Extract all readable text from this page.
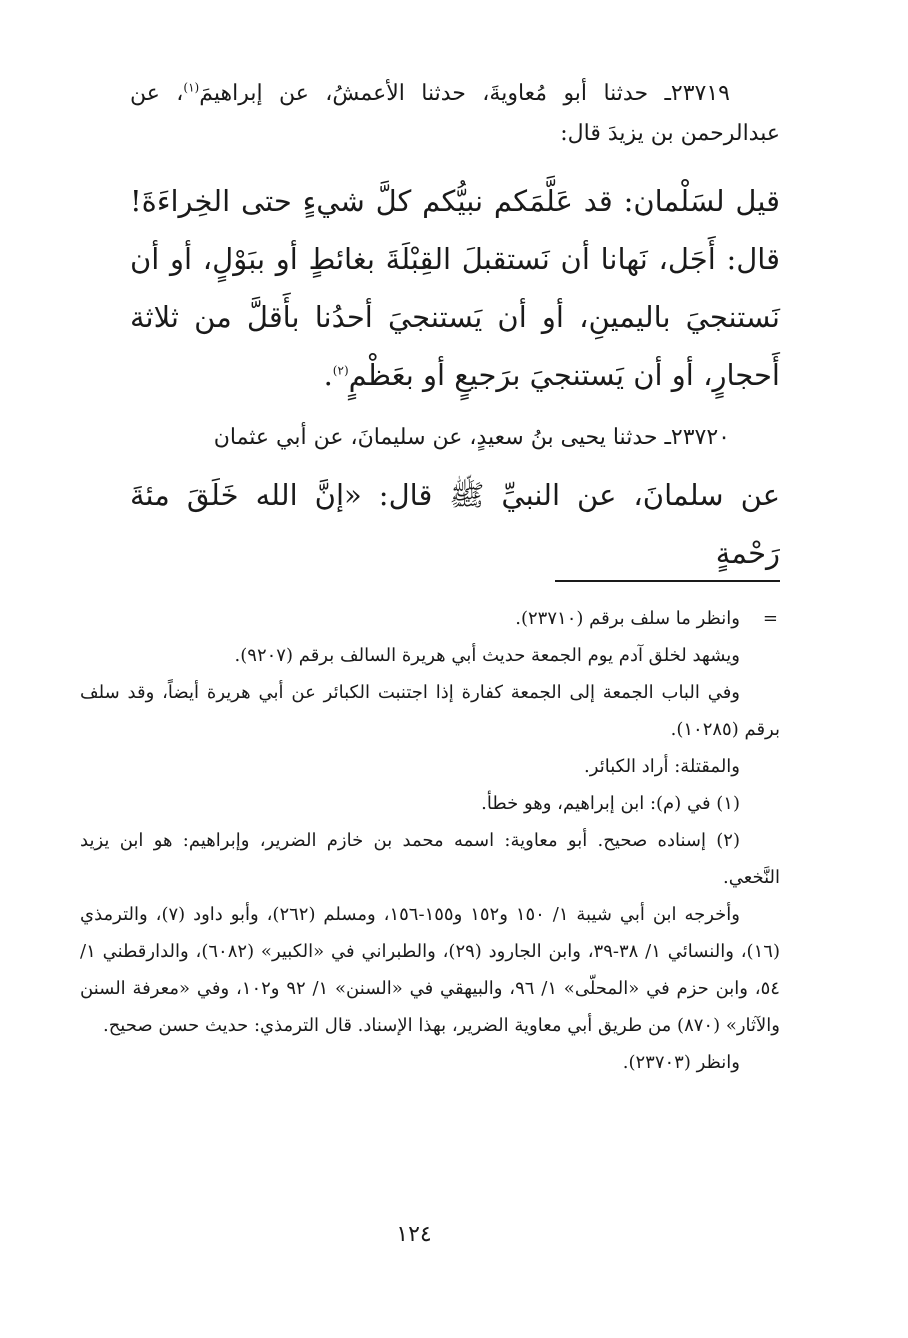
٢٣٧١٩ـ حدثنا أبو مُعاويةَ، حدثنا الأعمشُ، عن إبراهيمَ$^{(١)}$، عن عبدالرحمن بن يزيدَ قال:

قيل لسَلْمان: قد عَلَّمَكم نبيُّكم كلَّ شيءٍ حتى الخِراءَةَ! قال: أَجَل، نَهانا أن نَستقبلَ القِبْلَةَ بغائطٍ أو ببَوْلٍ، أو أن نَستنجيَ باليمينِ، أو أن يَستنجيَ أحدُنا بأَقلَّ من ثلاثة أَحجارٍ، أو أن يَستنجيَ برَجيعٍ أو بعَظْمٍ$^{(٢)}$.

٢٣٧٢٠ـ حدثنا يحيى بنُ سعيدٍ، عن سليمانَ، عن أبي عثمان

عن سلمانَ، عن النبيِّ ﷺ قال: «إنَّ الله خَلَقَ مئةَ رَحْمةٍ

=
وانظر ما سلف برقم (٢٣٧١٠).

ويشهد لخلق آدم يوم الجمعة حديث أبي هريرة السالف برقم (٩٢٠٧).

وفي الباب الجمعة إلى الجمعة كفارة إذا اجتنبت الكبائر عن أبي هريرة أيضاً، وقد سلف برقم (١٠٢٨٥).

والمقتلة: أراد الكبائر.

(١) في (م): ابن إبراهيم، وهو خطأ.

(٢) إسناده صحيح. أبو معاوية: اسمه محمد بن خازم الضرير، وإبراهيم: هو ابن يزيد النَّخعي.

وأخرجه ابن أبي شيبة ١/ ١٥٠ و١٥٢ و١٥٥-١٥٦، ومسلم (٢٦٢)، وأبو داود (٧)، والترمذي (١٦)، والنسائي ١/ ٣٨-٣٩، وابن الجارود (٢٩)، والطبراني في «الكبير» (٦٠٨٢)، والدارقطني ١/ ٥٤، وابن حزم في «المحلّى» ١/ ٩٦، والبيهقي في «السنن» ١/ ٩٢ و١٠٢، وفي «معرفة السنن والآثار» (٨٧٠) من طريق أبي معاوية الضرير، بهذا الإسناد. قال الترمذي: حديث حسن صحيح.

وانظر (٢٣٧٠٣).

١٢٤
